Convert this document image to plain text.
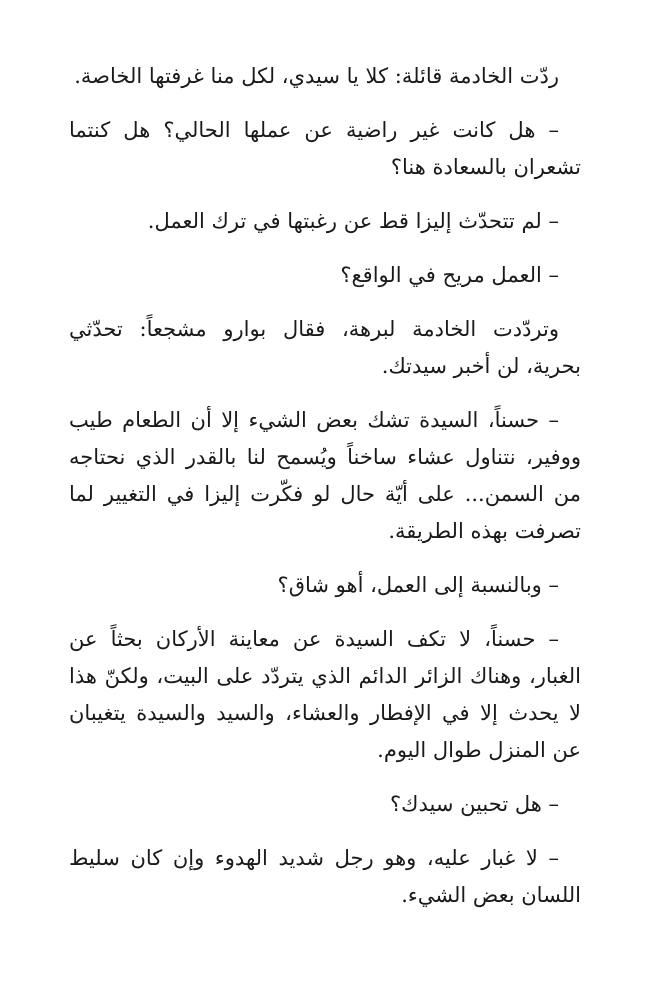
ردّت الخادمة قائلة: كلا يا سيدي، لكل منا غرفتها الخاصة.

– هل كانت غير راضية عن عملها الحالي؟ هل كنتما تشعران بالسعادة هنا؟

– لم تتحدّث إليزا قط عن رغبتها في ترك العمل.

– العمل مريح في الواقع؟

وتردّدت الخادمة لبرهة، فقال بوارو مشجعاً: تحدّثي بحرية، لن أخبر سيدتك.

– حسناً، السيدة تشك بعض الشيء إلا أن الطعام طيب ووفير، نتناول عشاء ساخناً ويُسمح لنا بالقدر الذي نحتاجه من السمن... على أيّة حال لو فكّرت إليزا في التغيير لما تصرفت بهذه الطريقة.

– وبالنسبة إلى العمل، أهو شاق؟

– حسناً، لا تكف السيدة عن معاينة الأركان بحثاً عن الغبار، وهناك الزائر الدائم الذي يتردّد على البيت، ولكنّ هذا لا يحدث إلا في الإفطار والعشاء، والسيد والسيدة يتغيبان عن المنزل طوال اليوم.

– هل تحبين سيدك؟

– لا غبار عليه، وهو رجل شديد الهدوء وإن كان سليط اللسان بعض الشيء.
